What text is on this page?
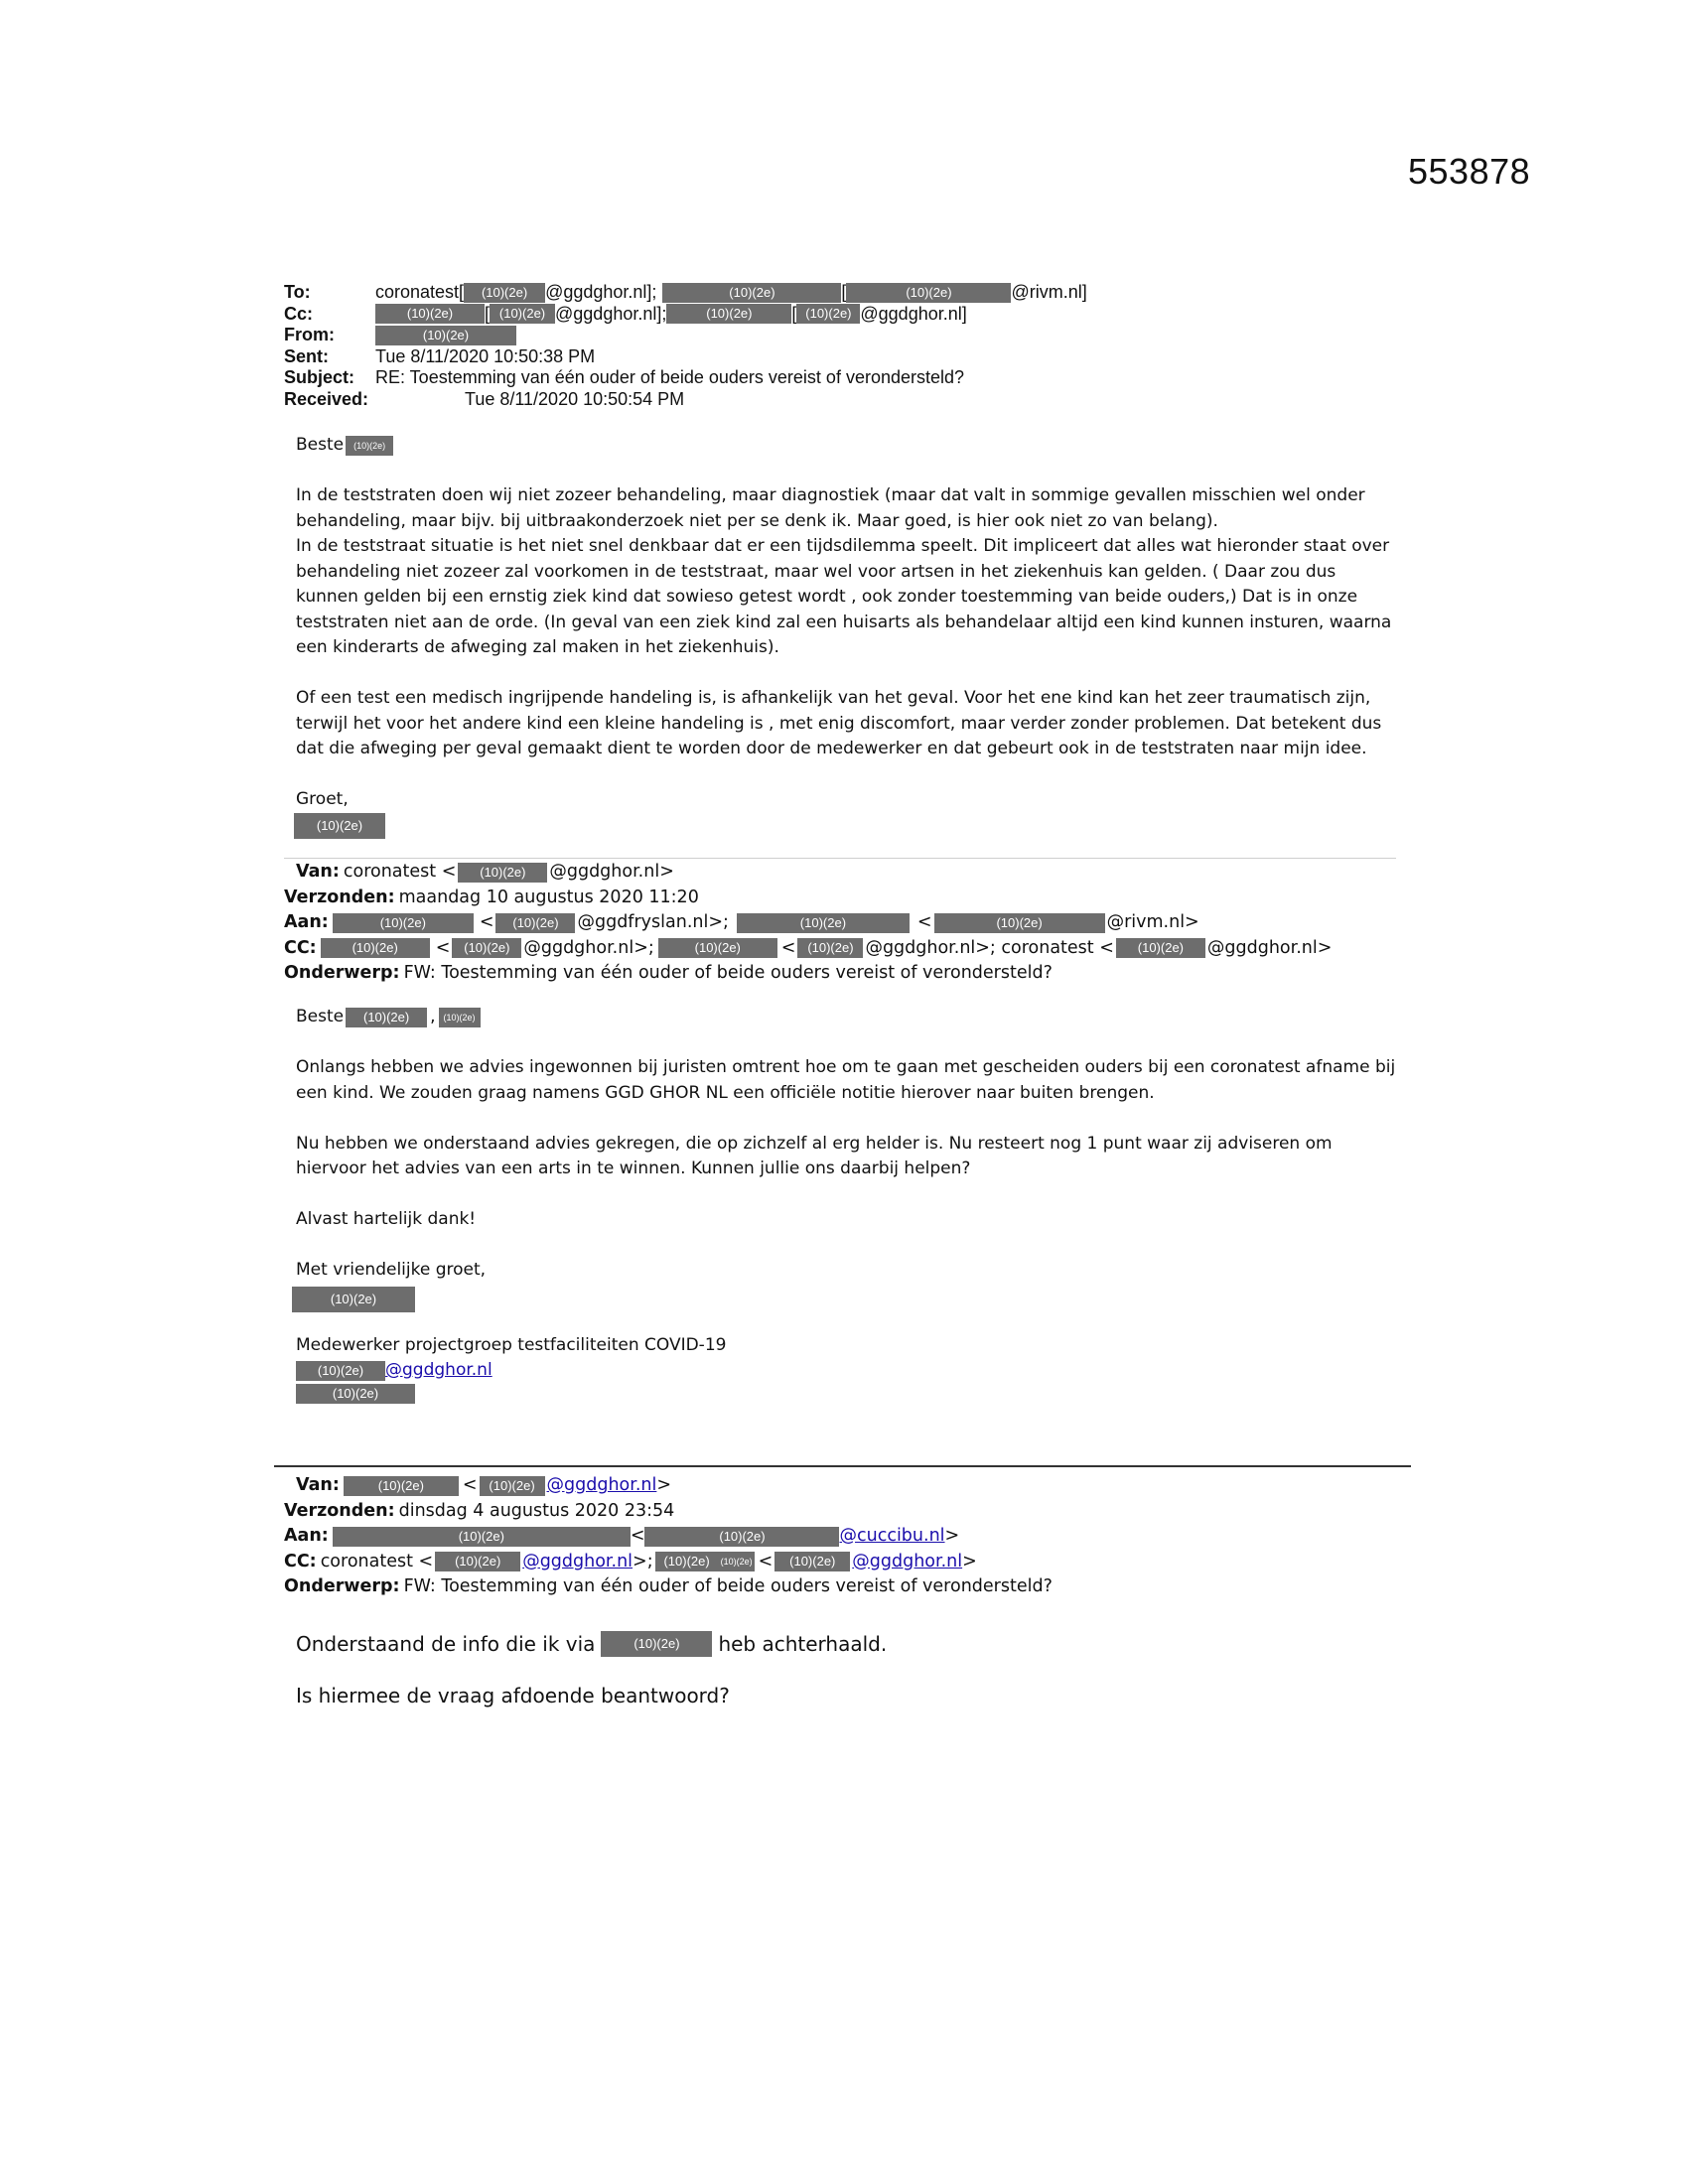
553878
To:	coronatest[	(10)(2e) @ggdghor.nl];	(10)(2e)	[	(10)(2e)	@rivm.nl]
Cc:	(10)(2e)	[ (10)(2e) @ggdghor.nl];	(10)(2e)	[ (10)(2e) @ggdghor.nl]
From:	(10)(2e)
Sent:	Tue 8/11/2020 10:50:38 PM
Subject:	RE: Toestemming van één ouder of beide ouders vereist of verondersteld?
Received:	Tue 8/11/2020 10:50:54 PM

Beste	(10)(2e)

In de teststraten doen wij niet zozeer behandeling, maar diagnostiek (maar dat valt in sommige gevallen misschien wel onder behandeling, maar bijv. bij uitbraakonderzoek niet per se denk ik. Maar goed, is hier ook niet zo van belang).

In de teststraat situatie is het niet snel denkbaar dat er een tijdsdilemma speelt. Dit impliceert dat alles wat hieronder staat over behandeling niet zozeer zal voorkomen in de teststraat, maar wel voor artsen in het ziekenhuis kan gelden. ( Daar zou dus kunnen gelden bij een ernstig ziek kind dat sowieso getest wordt , ook zonder toestemming van beide ouders,) Dat is in onze teststraten niet aan de orde. (In geval van een ziek kind zal een huisarts als behandelaar altijd een kind kunnen insturen, waarna een kinderarts de afweging zal maken in het ziekenhuis).

Of een test een medisch ingrijpende handeling is, is afhankelijk van het geval. Voor het ene kind kan het zeer traumatisch zijn, terwijl het voor het andere kind een kleine handeling is , met enig discomfort, maar verder zonder problemen. Dat betekent dus dat die afweging per geval gemaakt dient te worden door de medewerker en dat gebeurt ook in de teststraten naar mijn idee.

Groet,

(10)(2e)

Van: coronatest <	(10)(2e)	@ggdghor.nl>
Verzonden: maandag 10 augustus 2020 11:20
Aan:	(10)(2e)	<	(10)(2e)	@ggdfryslan.nl>;	(10)(2e)	<	(10)(2e)	@rivm.nl>
CC:	(10)(2e)	<	(10)(2e) @ggdghor.nl>;	(10)(2e)	< (10)(2e) @ggdghor.nl>; coronatest <	(10)(2e)	@ggdghor.nl>
Onderwerp: FW: Toestemming van één ouder of beide ouders vereist of verondersteld?

Beste	(10)(2e)	, (10)(2e)

Onlangs hebben we advies ingewonnen bij juristen omtrent hoe om te gaan met gescheiden ouders bij een coronatest afname bij een kind. We zouden graag namens GGD GHOR NL een officiële notitie hierover naar buiten brengen.

Nu hebben we onderstaand advies gekregen, die op zichzelf al erg helder is. Nu resteert nog 1 punt waar zij adviseren om hiervoor het advies van een arts in te winnen. Kunnen jullie ons daarbij helpen?

Alvast hartelijk dank!

Met vriendelijke groet,

(10)(2e)

Medewerker projectgroep testfaciliteiten COVID-19

(10)(2e)	@ggdghor.nl

(10)(2e)

Van:	(10)(2e)	< (10)(2e) @ggdghor.nl >
Verzonden: dinsdag 4 augustus 2020 23:54
Aan:	(10)(2e)	<	(10)(2e)	@cuccibu.nl >
CC: coronatest <	(10)(2e)	@ggdghor.nl >; (10)(2e)	(10)(2e) <	(10)(2e) @ggdghor.nl >
Onderwerp: FW: Toestemming van één ouder of beide ouders vereist of verondersteld?

Onderstaand de info die ik via	(10)(2e)	heb achterhaald.

Is hiermee de vraag afdoende beantwoord?
